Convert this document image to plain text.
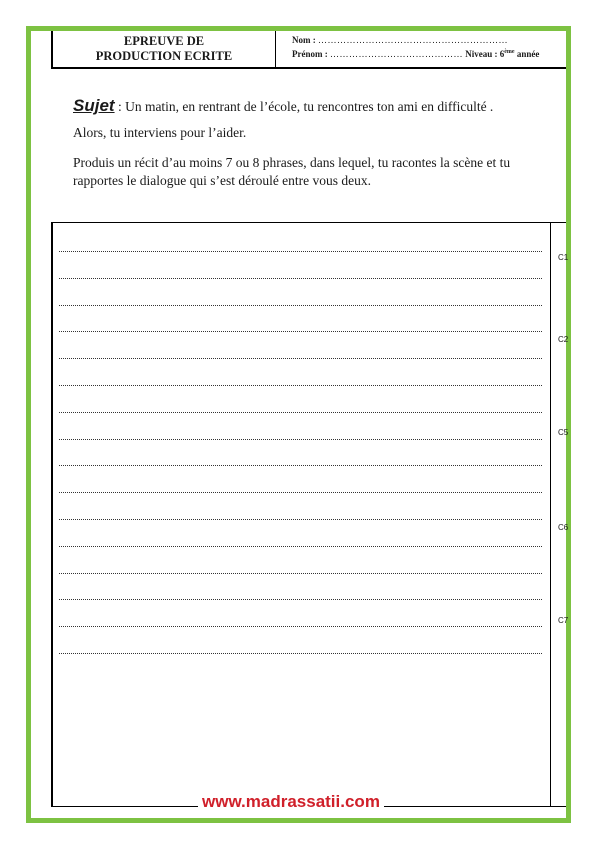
EPREUVE DE
PRODUCTION ECRITE
Nom : ……………………………………………………
Prénom : …………………………………… Niveau : 6ème année

Sujet : Un matin, en rentrant de l’école, tu rencontres ton ami en difficulté .

Alors, tu interviens pour l’aider.

Produis un récit d’au moins 7 ou 8 phrases, dans lequel, tu racontes la scène et tu rapportes le dialogue qui s’est déroulé entre vous deux.

C1
C2
C5
C6
C7
www.madrassatii.com
